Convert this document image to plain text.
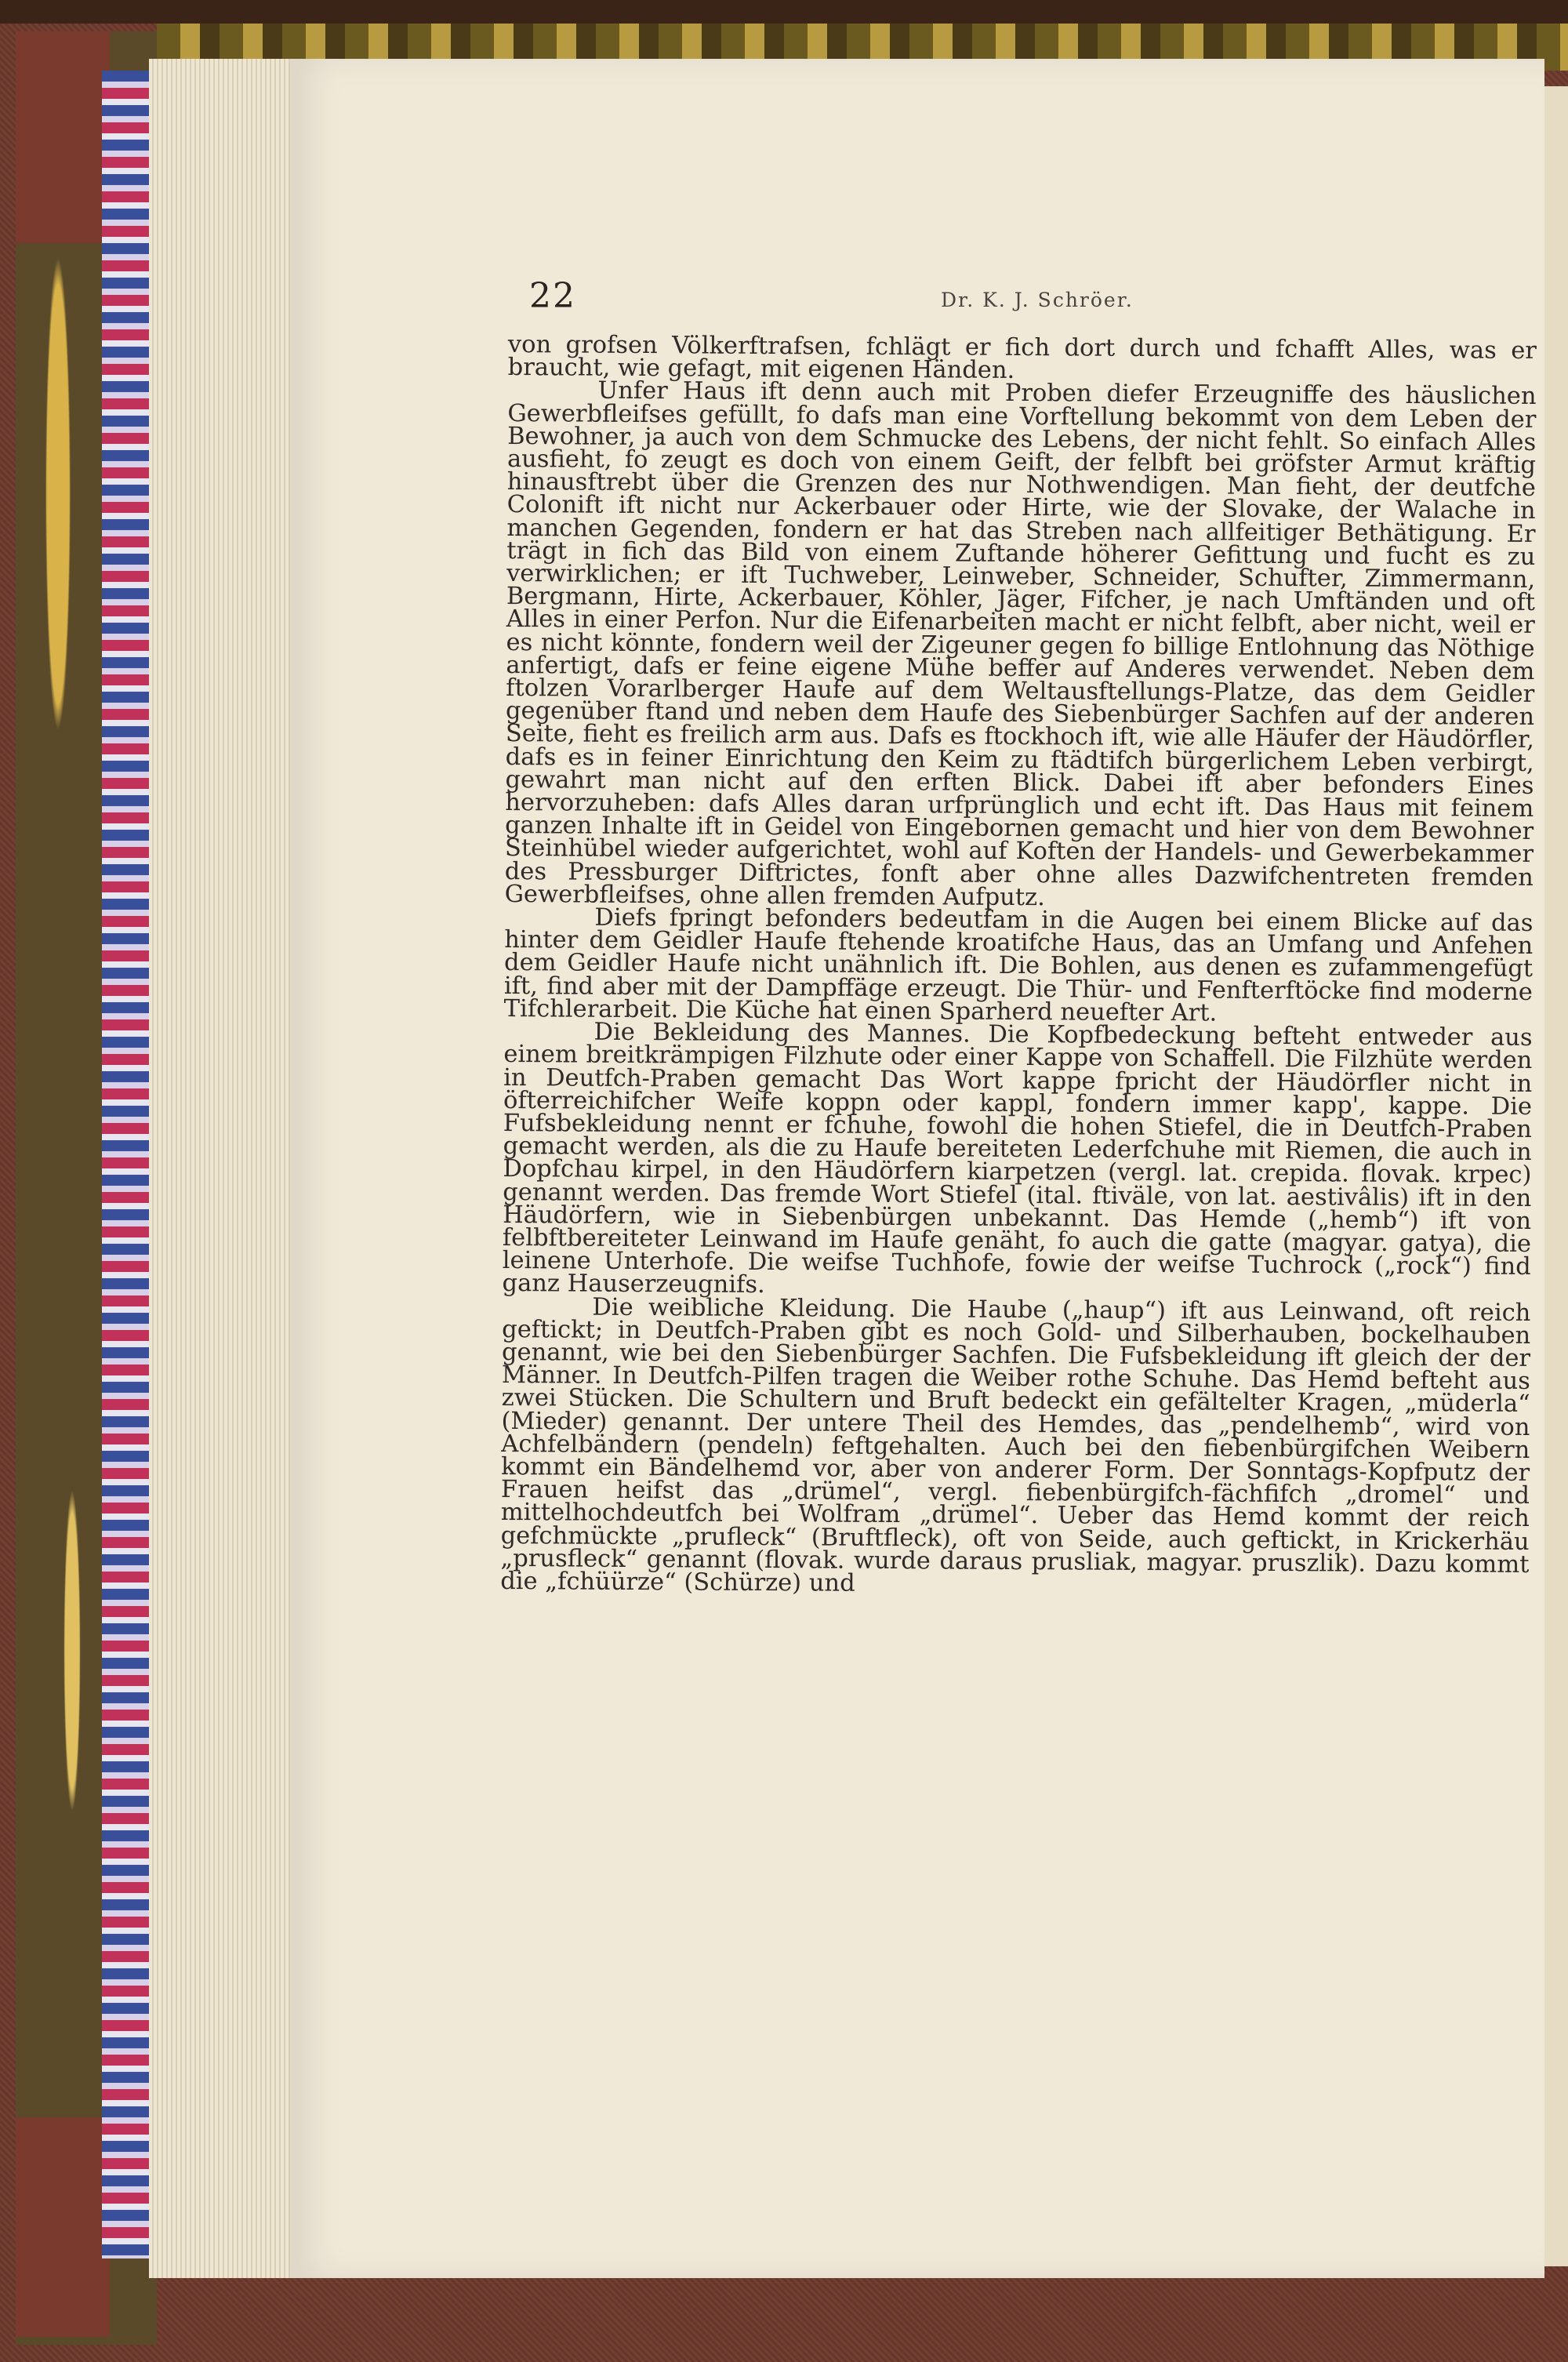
22	Dr. K. J. Schröer.

von grofsen Völkerftrafsen, fchlägt er fich dort durch und fchafft Alles, was er braucht, wie gefagt, mit eigenen Händen.

Unfer Haus ift denn auch mit Proben diefer Erzeugniffe des häuslichen Gewerbfleifses gefüllt, fo dafs man eine Vorftellung bekommt von dem Leben der Bewohner, ja auch von dem Schmucke des Lebens, der nicht fehlt. So einfach Alles ausfieht, fo zeugt es doch von einem Geift, der felbft bei gröfster Armut kräftig hinausftrebt über die Grenzen des nur Nothwendigen. Man fieht, der deutfche Colonift ift nicht nur Ackerbauer oder Hirte, wie der Slovake, der Walache in manchen Gegenden, fondern er hat das Streben nach allfeitiger Bethätigung. Er trägt in fich das Bild von einem Zuftande höherer Gefittung und fucht es zu verwirklichen; er ift Tuchweber, Leinweber, Schneider, Schufter, Zimmermann, Bergmann, Hirte, Ackerbauer, Köhler, Jäger, Fifcher, je nach Umftänden und oft Alles in einer Perfon. Nur die Eifenarbeiten macht er nicht felbft, aber nicht, weil er es nicht könnte, fondern weil der Zigeuner gegen fo billige Entlohnung das Nöthige anfertigt, dafs er feine eigene Mühe beffer auf Anderes verwendet. Neben dem ftolzen Vorarlberger Haufe auf dem Weltausftellungs-Platze, das dem Geidler gegenüber ftand und neben dem Haufe des Siebenbürger Sachfen auf der anderen Seite, fieht es freilich arm aus. Dafs es ftockhoch ift, wie alle Häufer der Häudörfler, dafs es in feiner Einrichtung den Keim zu ftädtifch bürgerlichem Leben verbirgt, gewahrt man nicht auf den erften Blick. Dabei ift aber befonders Eines hervorzuheben: dafs Alles daran urfprünglich und echt ift. Das Haus mit feinem ganzen Inhalte ift in Geidel von Eingebornen gemacht und hier von dem Bewohner Steinhübel wieder aufgerichtet, wohl auf Koften der Handels- und Gewerbekammer des Pressburger Diftrictes, fonft aber ohne alles Dazwifchentreten fremden Gewerbfleifses, ohne allen fremden Aufputz.

Diefs fpringt befonders bedeutfam in die Augen bei einem Blicke auf das hinter dem Geidler Haufe ftehende kroatifche Haus, das an Umfang und Anfehen dem Geidler Haufe nicht unähnlich ift. Die Bohlen, aus denen es zufammengefügt ift, find aber mit der Dampffäge erzeugt. Die Thür- und Fenfterftöcke find moderne Tifchlerarbeit. Die Küche hat einen Sparherd neuefter Art.

Die Bekleidung des Mannes. Die Kopfbedeckung befteht entweder aus einem breitkrämpigen Filzhute oder einer Kappe von Schaffell. Die Filzhüte werden in Deutfch-Praben gemacht Das Wort kappe fpricht der Häudörfler nicht in öfterreichifcher Weife koppn oder kappl, fondern immer kapp', kappe. Die Fufsbekleidung nennt er fchuhe, fowohl die hohen Stiefel, die in Deutfch-Praben gemacht werden, als die zu Haufe bereiteten Lederfchuhe mit Riemen, die auch in Dopfchau kirpel, in den Häudörfern kiarpetzen (vergl. lat. crepida. flovak. krpec) genannt werden. Das fremde Wort Stiefel (ital. ftiväle, von lat. aestivâlis) ift in den Häudörfern, wie in Siebenbürgen unbekannt. Das Hemde („hemb“) ift von felbftbereiteter Leinwand im Haufe genäht, fo auch die gatte (magyar. gatya), die leinene Unterhofe. Die weifse Tuchhofe, fowie der weifse Tuchrock („rock“) find ganz Hauserzeugnifs.

Die weibliche Kleidung. Die Haube („haup“) ift aus Leinwand, oft reich geftickt; in Deutfch-Praben gibt es noch Gold- und Silberhauben, bockelhauben genannt, wie bei den Siebenbürger Sachfen. Die Fufsbekleidung ift gleich der der Männer. In Deutfch-Pilfen tragen die Weiber rothe Schuhe. Das Hemd befteht aus zwei Stücken. Die Schultern und Bruft bedeckt ein gefältelter Kragen, „müderla“ (Mieder) genannt. Der untere Theil des Hemdes, das „pendelhemb“, wird von Achfelbändern (pendeln) feftgehalten. Auch bei den fiebenbürgifchen Weibern kommt ein Bändelhemd vor, aber von anderer Form. Der Sonntags-Kopfputz der Frauen heifst das „drümel“, vergl. fiebenbürgifch-fächfifch „dromel“ und mittelhochdeutfch bei Wolfram „drümel“. Ueber das Hemd kommt der reich gefchmückte „prufleck“ (Bruftfleck), oft von Seide, auch geftickt, in Krickerhäu „prusfleck“ genannt (flovak. wurde daraus prusliak, magyar. pruszlik). Dazu kommt die „fchüürze“ (Schürze) und
